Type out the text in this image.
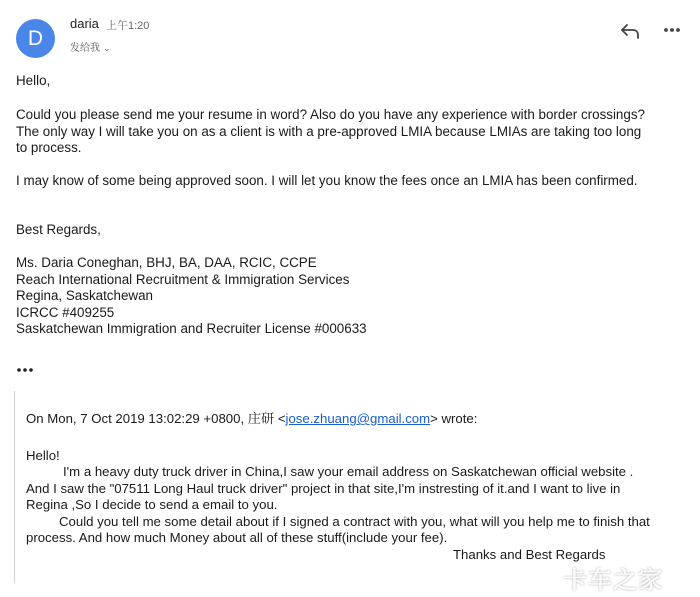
D
daria 上午1:20
发给我 ⌄
Hello,
Could you please send me your resume in word? Also do you have any experience with border crossings?
The only way I will take you on as a client is with a pre-approved LMIA because LMIAs are taking too long
to process.
I may know of some being approved soon. I will let you know the fees once an LMIA has been confirmed.
Best Regards,
Ms. Daria Coneghan, BHJ, BA, DAA, RCIC, CCPE
Reach International Recruitment & Immigration Services
Regina, Saskatchewan
ICRCC #409255
Saskatchewan Immigration and Recruiter License #000633
On Mon, 7 Oct 2019 13:02:29 +0800, 庄研 <jose.zhuang@gmail.com> wrote:
Hello!
I'm a heavy duty truck driver in China,I saw your email address on Saskatchewan official website .
And I saw the "07511 Long Haul truck driver" project in that site,I'm instresting of it.and I want to live in
Regina ,So I decide to send a email to you.
Could you tell me some detail about if I signed a contract with you, what will you help me to finish that
process. And how much Money about all of these stuff(include your fee).
Thanks and Best Regards
卡车之家
